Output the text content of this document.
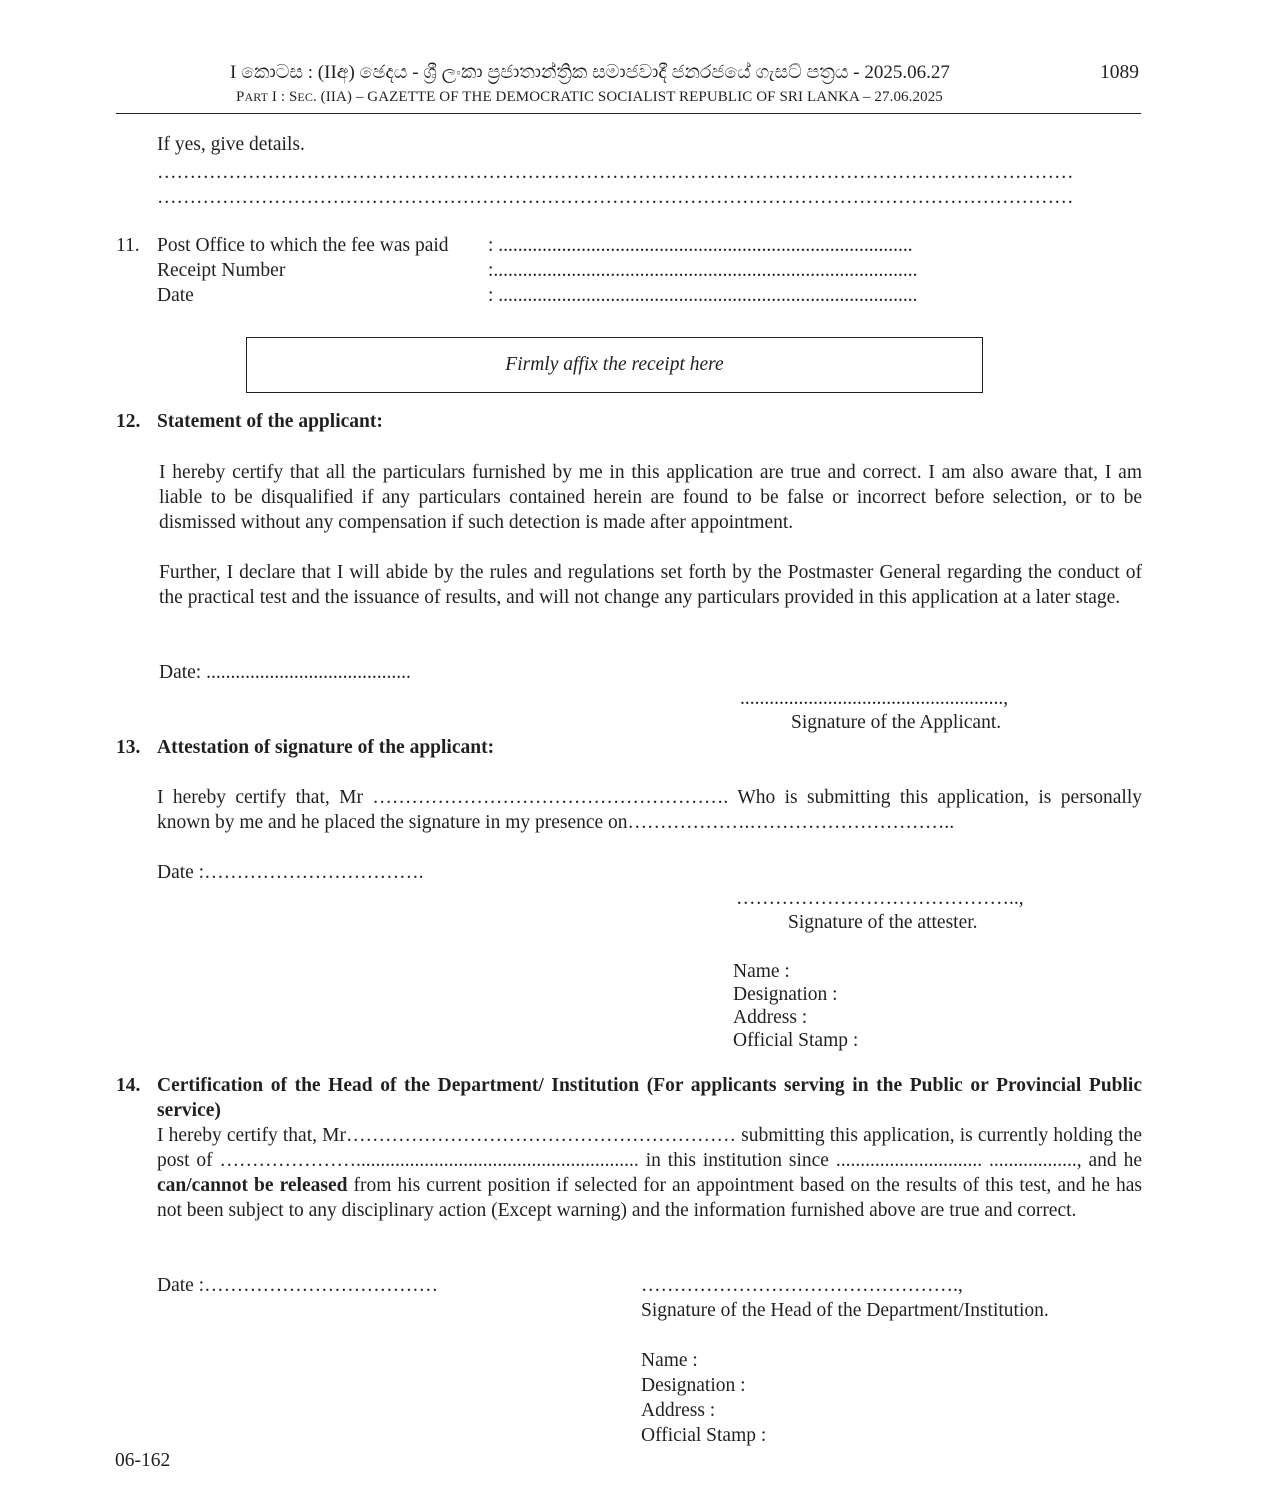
I කොටස : (IIඅ) ඡෙදය - ශ්‍රී ලංකා ප්‍රජාතාන්ත්‍රික සමාජවාදී ජනරජයේ ගැසට් පත්‍රය - 2025.06.27
PART I : SEC. (IIA) – GAZETTE OF THE DEMOCRATIC SOCIALIST REPUBLIC OF SRI LANKA – 27.06.2025
1089
If yes, give details.
……………………………………………………………………………………………………………………………
……………………………………………………………………………………………………………………………
11. Post Office to which the fee was paid : .....................................................................................
Receipt Number	:.......................................................................................
Date	: ......................................................................................
Firmly affix the receipt here
12. Statement of the applicant:
I hereby certify that all the particulars furnished by me in this application are true and correct. I am also aware that, I am liable to be disqualified if any particulars contained herein are found to be false or incorrect before selection, or to be dismissed without any compensation if such detection is made after appointment.
Further, I declare that I will abide by the rules and regulations set forth by the Postmaster General regarding the conduct of the practical test and the issuance of results, and will not change any particulars provided in this application at a later stage.
Date: ..........................................
......................................................,
Signature of the Applicant.
13. Attestation of signature of the applicant:
I hereby certify that, Mr ………………………………………………. Who is submitting this application, is personally known by me and he placed the signature in my presence on……………….…………………………..
Date :…………………………….
……………………………………..,
Signature of the attester.
Name :
Designation :
Address :
Official Stamp :
14. Certification of the Head of the Department/ Institution (For applicants serving in the Public or Provincial Public service)
I hereby certify that, Mr…………………………………………………… submitting this application, is currently holding the post of ………………….......................................................... in this institution since .............................. .................., and he can/cannot be released from his current position if selected for an appointment based on the results of this test, and he has not been subject to any disciplinary action (Except warning) and the information furnished above are true and correct.
Date :………………………………	………………………………………….,
Signature of the Head of the Department/Institution.
Name :
Designation :
Address :
Official Stamp :
06-162
